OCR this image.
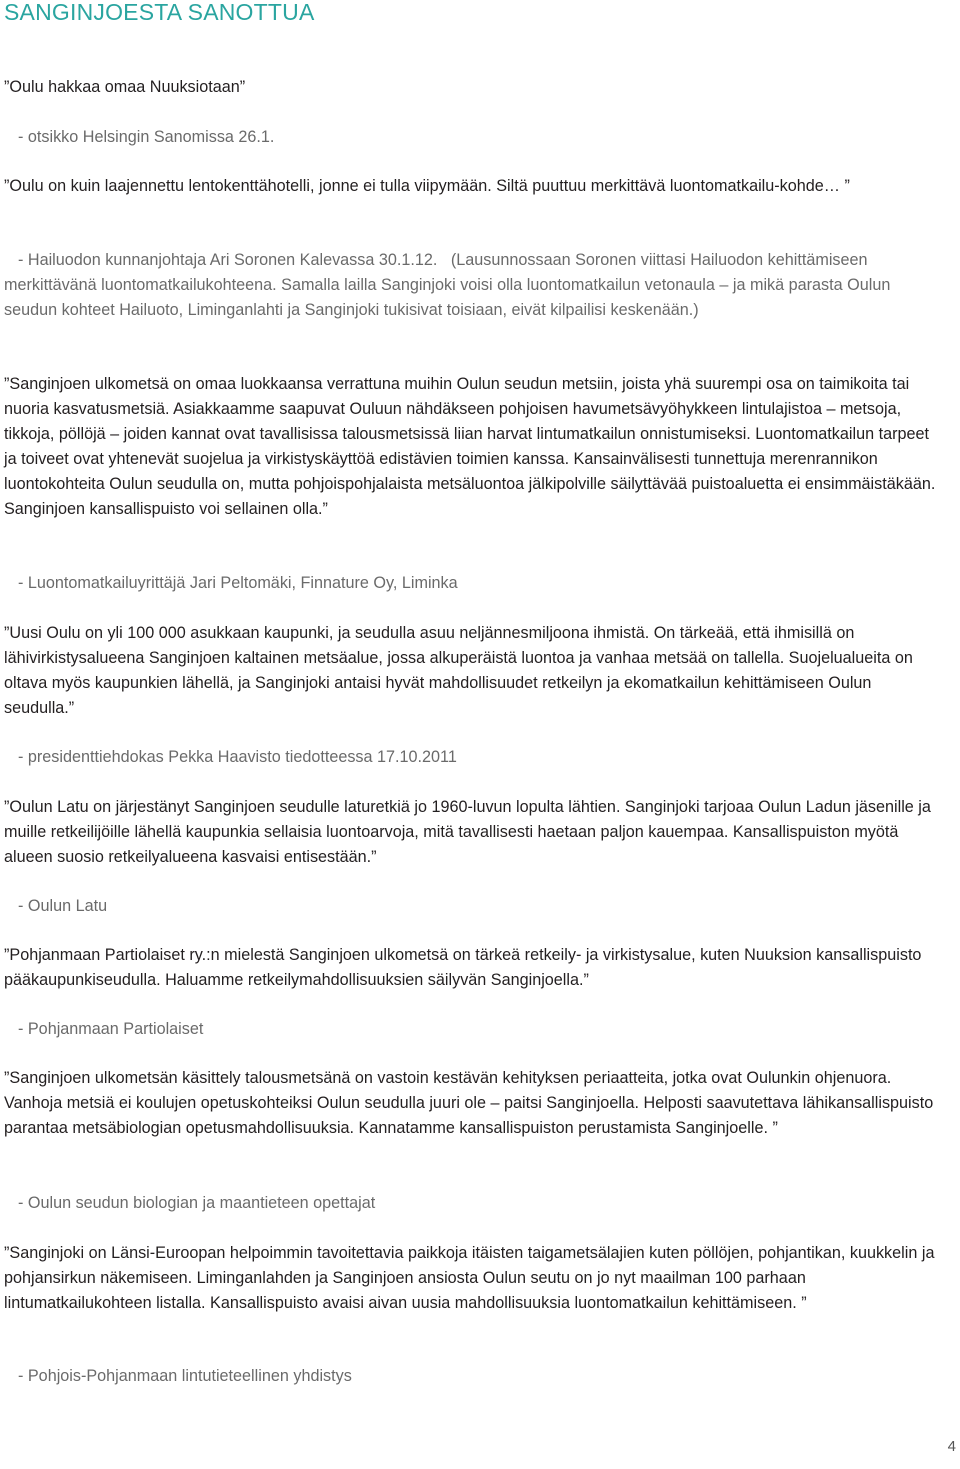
SANGINJOESTA SANOTTUA

”Oulu hakkaa omaa Nuuksiotaan”

- otsikko Helsingin Sanomissa 26.1.

”Oulu on kuin laajennettu lentokenttähotelli, jonne ei tulla viipymään. Siltä puuttuu merkittävä luontomatkailu-kohde… ”

- Hailuodon kunnanjohtaja Ari Soronen Kalevassa 30.1.12. (Lausunnossaan Soronen viittasi Hailuodon kehittämiseen merkittävänä luontomatkailukohteena. Samalla lailla Sanginjoki voisi olla luontomatkailun vetonaula – ja mikä parasta Oulun seudun kohteet Hailuoto, Liminganlahti ja Sanginjoki tukisivat toisiaan, eivät kilpailisi keskenään.)

”Sanginjoen ulkometsä on omaa luokkaansa verrattuna muihin Oulun seudun metsiin, joista yhä suurempi osa on taimikoita tai nuoria kasvatusmetsiä. Asiakkaamme saapuvat Ouluun nähdäkseen pohjoisen havumetsävyöhykkeen lintulajistoa – metsoja, tikkoja, pöllöjä – joiden kannat ovat tavallisissa talousmetsissä liian harvat lintumatkailun onnistumiseksi. Luontomatkailun tarpeet ja toiveet ovat yhtenevät suojelua ja virkistyskäyttöä edistävien toimien kanssa. Kansainvälisesti tunnettuja merenrannikon luontokohteita Oulun seudulla on, mutta pohjoispohjalaista metsäluontoa jälkipolville säilyttävää puistoaluetta ei ensimmäistäkään. Sanginjoen kansallispuisto voi sellainen olla.”

- Luontomatkailuyrittäjä Jari Peltomäki, Finnature Oy, Liminka

”Uusi Oulu on yli 100 000 asukkaan kaupunki, ja seudulla asuu neljännesmiljoona ihmistä. On tärkeää, että ihmisillä on lähivirkistysalueena Sanginjoen kaltainen metsäalue, jossa alkuperäistä luontoa ja vanhaa metsää on tallella. Suojelualueita on oltava myös kaupunkien lähellä, ja Sanginjoki antaisi hyvät mahdollisuudet retkeilyn ja ekomatkailun kehittämiseen Oulun seudulla.”

- presidenttiehdokas Pekka Haavisto tiedotteessa 17.10.2011

”Oulun Latu on järjestänyt Sanginjoen seudulle laturetkiä jo 1960-luvun lopulta lähtien. Sanginjoki tarjoaa Oulun Ladun jäsenille ja muille retkeilijöille lähellä kaupunkia sellaisia luontoarvoja, mitä tavallisesti haetaan paljon kauempaa. Kansallispuiston myötä alueen suosio retkeilyalueena kasvaisi entisestään.”

- Oulun Latu

”Pohjanmaan Partiolaiset ry.:n mielestä Sanginjoen ulkometsä on tärkeä retkeily- ja virkistysalue, kuten Nuuksion kansallispuisto pääkaupunkiseudulla. Haluamme retkeilymahdollisuuksien säilyvän Sanginjoella.”

- Pohjanmaan Partiolaiset

”Sanginjoen ulkometsän käsittely talousmetsänä on vastoin kestävän kehityksen periaatteita, jotka ovat Oulunkin ohjenuora. Vanhoja metsiä ei koulujen opetuskohteiksi Oulun seudulla juuri ole – paitsi Sanginjoella. Helposti saavutettava lähikansallispuisto parantaa metsäbiologian opetusmahdollisuuksia. Kannatamme kansallispuiston perustamista Sanginjoelle. ”

- Oulun seudun biologian ja maantieteen opettajat

”Sanginjoki on Länsi-Euroopan helpoimmin tavoitettavia paikkoja itäisten taigametsälajien kuten pöllöjen, pohjantikan, kuukkelin ja pohjansirkun näkemiseen. Liminganlahden ja Sanginjoen ansiosta Oulun seutu on jo nyt maailman 100 parhaan lintumatkailukohteen listalla. Kansallispuisto avaisi aivan uusia mahdollisuuksia luontomatkailun kehittämiseen. ”

- Pohjois-Pohjanmaan lintutieteellinen yhdistys

4
